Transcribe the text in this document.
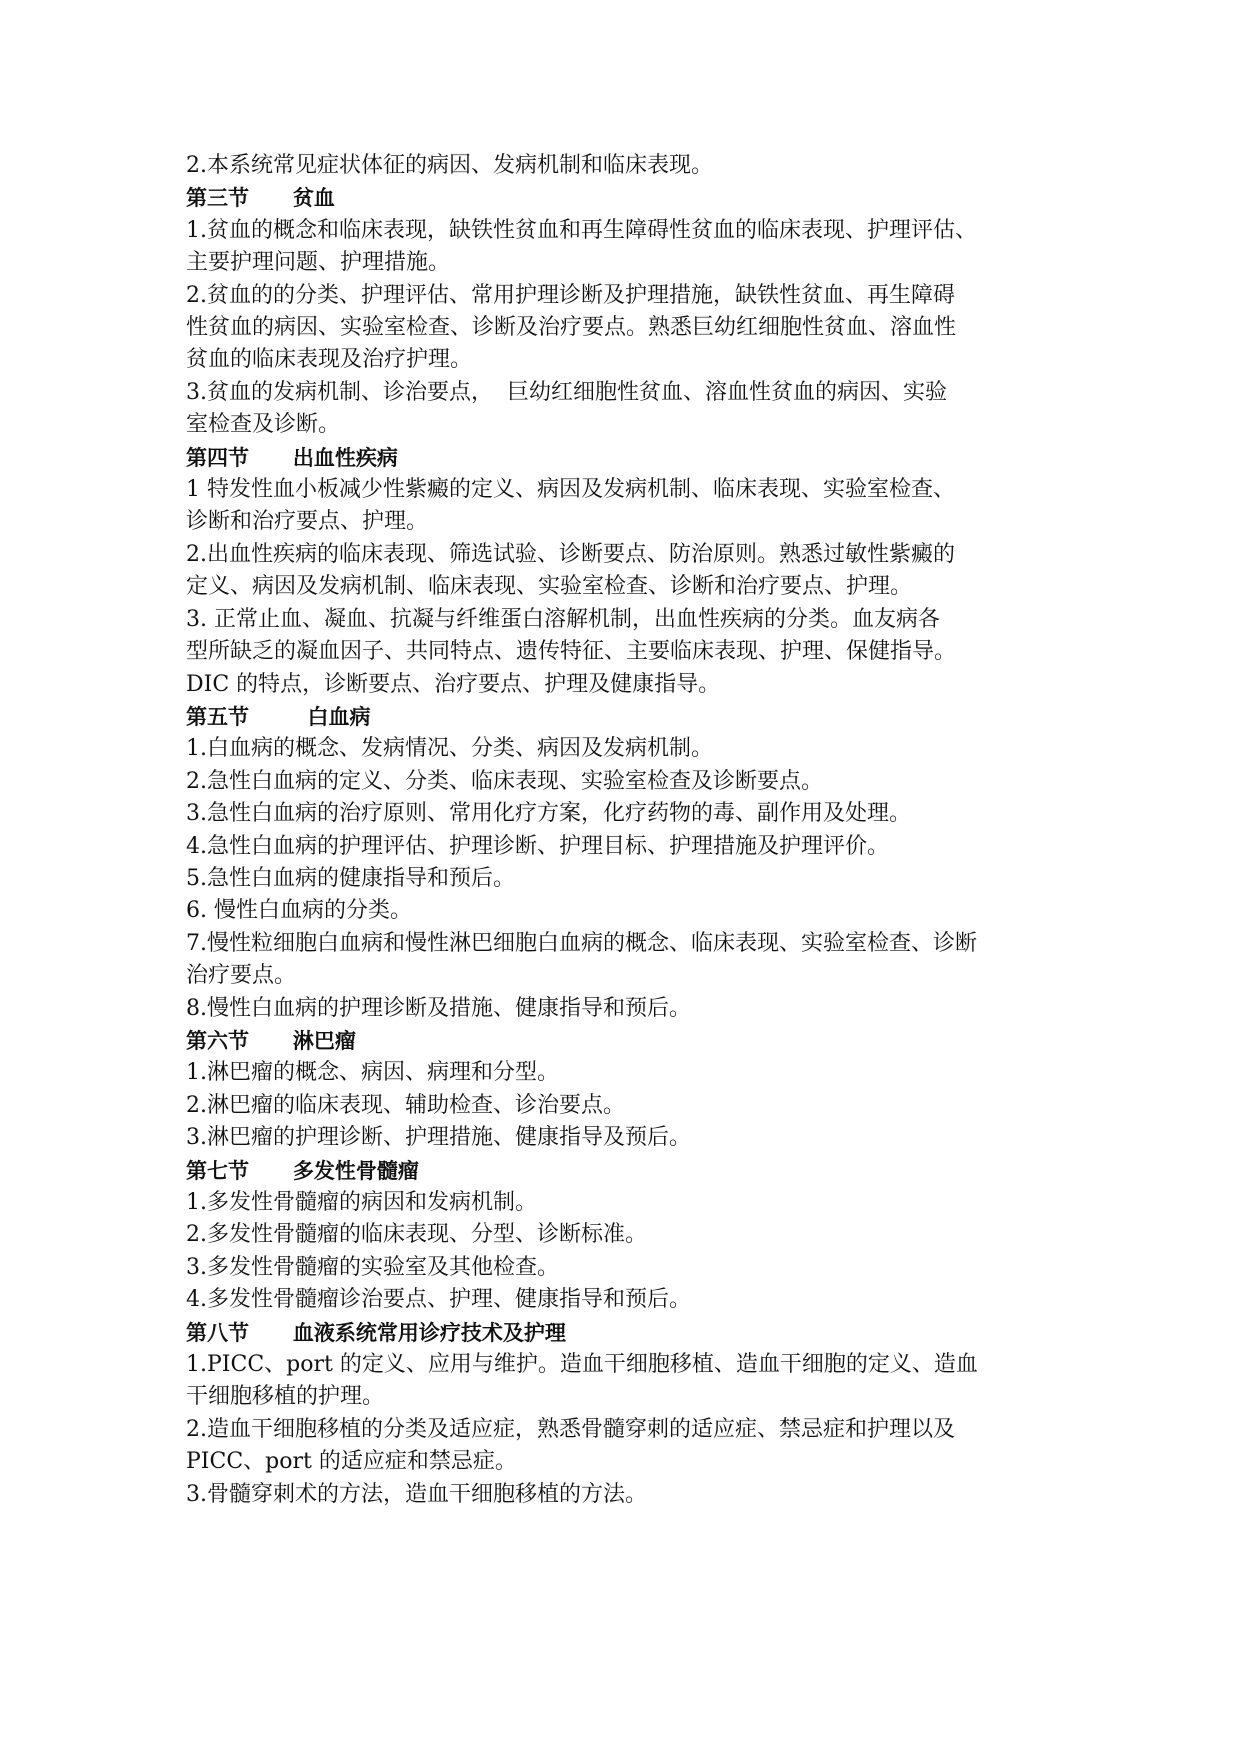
2.本系统常见症状体征的病因、发病机制和临床表现。
第三节 贫血
1.贫血的概念和临床表现，缺铁性贫血和再生障碍性贫血的临床表现、护理评估、
主要护理问题、护理措施。
2.贫血的的分类、护理评估、常用护理诊断及护理措施，缺铁性贫血、再生障碍
性贫血的病因、实验室检查、诊断及治疗要点。熟悉巨幼红细胞性贫血、溶血性
贫血的临床表现及治疗护理。
3.贫血的发病机制、诊治要点，  巨幼红细胞性贫血、溶血性贫血的病因、实验
室检查及诊断。
第四节 出血性疾病
1 特发性血小板减少性紫癜的定义、病因及发病机制、临床表现、实验室检查、
诊断和治疗要点、护理。
2.出血性疾病的临床表现、筛选试验、诊断要点、防治原则。熟悉过敏性紫癜的
定义、病因及发病机制、临床表现、实验室检查、诊断和治疗要点、护理。
3. 正常止血、凝血、抗凝与纤维蛋白溶解机制，出血性疾病的分类。血友病各
型所缺乏的凝血因子、共同特点、遗传特征、主要临床表现、护理、保健指导。
DIC 的特点，诊断要点、治疗要点、护理及健康指导。
第五节	白血病
1.白血病的概念、发病情况、分类、病因及发病机制。
2.急性白血病的定义、分类、临床表现、实验室检查及诊断要点。
3.急性白血病的治疗原则、常用化疗方案，化疗药物的毒、副作用及处理。
4.急性白血病的护理评估、护理诊断、护理目标、护理措施及护理评价。
5.急性白血病的健康指导和预后。
6. 慢性白血病的分类。
7.慢性粒细胞白血病和慢性淋巴细胞白血病的概念、临床表现、实验室检查、诊断
治疗要点。
8.慢性白血病的护理诊断及措施、健康指导和预后。
第六节 淋巴瘤
1.淋巴瘤的概念、病因、病理和分型。
2.淋巴瘤的临床表现、辅助检查、诊治要点。
3.淋巴瘤的护理诊断、护理措施、健康指导及预后。
第七节 多发性骨髓瘤
1.多发性骨髓瘤的病因和发病机制。
2.多发性骨髓瘤的临床表现、分型、诊断标准。
3.多发性骨髓瘤的实验室及其他检查。
4.多发性骨髓瘤诊治要点、护理、健康指导和预后。
第八节 血液系统常用诊疗技术及护理
1.PICC、port 的定义、应用与维护。造血干细胞移植、造血干细胞的定义、造血
干细胞移植的护理。
2.造血干细胞移植的分类及适应症，熟悉骨髓穿刺的适应症、禁忌症和护理以及
PICC、port 的适应症和禁忌症。
3.骨髓穿刺术的方法，造血干细胞移植的方法。
